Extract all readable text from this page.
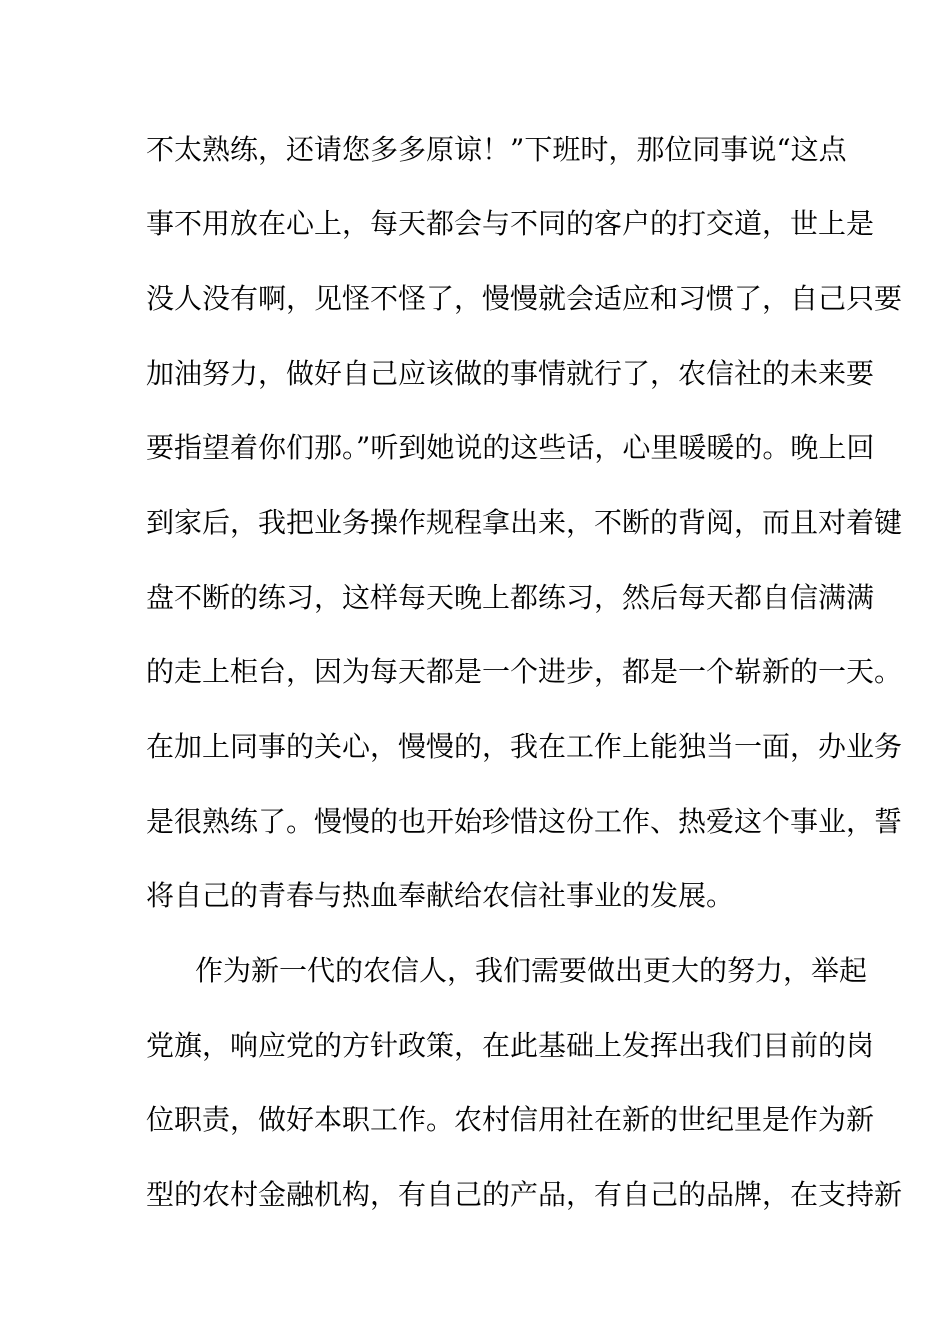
不太熟练，还请您多多原谅！”下班时，那位同事说“这点
事不用放在心上，每天都会与不同的客户的打交道，世上是
没人没有啊，见怪不怪了，慢慢就会适应和习惯了，自己只要
加油努力，做好自己应该做的事情就行了，农信社的未来要
要指望着你们那。”听到她说的这些话，心里暖暖的。晚上回
到家后，我把业务操作规程拿出来，不断的背阅，而且对着键
盘不断的练习，这样每天晚上都练习，然后每天都自信满满
的走上柜台，因为每天都是一个进步，都是一个崭新的一天。
在加上同事的关心，慢慢的，我在工作上能独当一面，办业务
是很熟练了。慢慢的也开始珍惜这份工作、热爱这个事业，誓
将自己的青春与热血奉献给农信社事业的发展。
作为新一代的农信人，我们需要做出更大的努力，举起
党旗，响应党的方针政策，在此基础上发挥出我们目前的岗
位职责，做好本职工作。农村信用社在新的世纪里是作为新
型的农村金融机构，有自己的产品，有自己的品牌，在支持新
